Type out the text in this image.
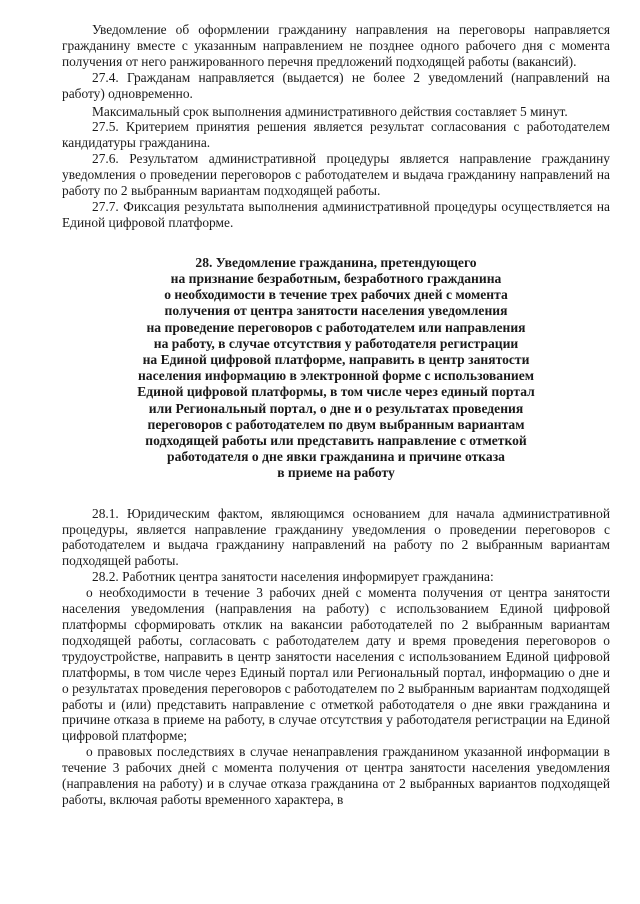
Уведомление об оформлении гражданину направления на переговоры направляется гражданину вместе с указанным направлением не позднее одного рабочего дня с момента получения от него ранжированного перечня предложений подходящей работы (вакансий).

27.4. Гражданам направляется (выдается) не более 2 уведомлений (направлений на работу) одновременно.

Максимальный срок выполнения административного действия составляет 5 минут.

27.5. Критерием принятия решения является результат согласования с работодателем кандидатуры гражданина.

27.6. Результатом административной процедуры является направление гражданину уведомления о проведении переговоров с работодателем и выдача гражданину направлений на работу по 2 выбранным вариантам подходящей работы.

27.7. Фиксация результата выполнения административной процедуры осуществляется на Единой цифровой платформе.

28. Уведомление гражданина, претендующего
на признание безработным, безработного гражданина
о необходимости в течение трех рабочих дней с момента
получения от центра занятости населения уведомления
на проведение переговоров с работодателем или направления
на работу, в случае отсутствия у работодателя регистрации
на Единой цифровой платформе, направить в центр занятости
населения информацию в электронной форме с использованием
Единой цифровой платформы, в том числе через единый портал
или Региональный портал, о дне и о результатах проведения
переговоров с работодателем по двум выбранным вариантам
подходящей работы или представить направление с отметкой
работодателя о дне явки гражданина и причине отказа
в приеме на работу

28.1. Юридическим фактом, являющимся основанием для начала административной процедуры, является направление гражданину уведомления о проведении переговоров с работодателем и выдача гражданину направлений на работу по 2 выбранным вариантам подходящей работы.

28.2. Работник центра занятости населения информирует гражданина:

о необходимости в течение 3 рабочих дней с момента получения от центра занятости населения уведомления (направления на работу) с использованием Единой цифровой платформы сформировать отклик на вакансии работодателей по 2 выбранным вариантам подходящей работы, согласовать с работодателем дату и время проведения переговоров о трудоустройстве, направить в центр занятости населения с использованием Единой цифровой платформы, в том числе через Единый портал или Региональный портал, информацию о дне и о результатах проведения переговоров с работодателем по 2 выбранным вариантам подходящей работы и (или) представить направление с отметкой работодателя о дне явки гражданина и причине отказа в приеме на работу, в случае отсутствия у работодателя регистрации на Единой цифровой платформе;

о правовых последствиях в случае ненаправления гражданином указанной информации в течение 3 рабочих дней с момента получения от центра занятости населения уведомления (направления на работу) и в случае отказа гражданина от 2 выбранных вариантов подходящей работы, включая работы временного характера, в
